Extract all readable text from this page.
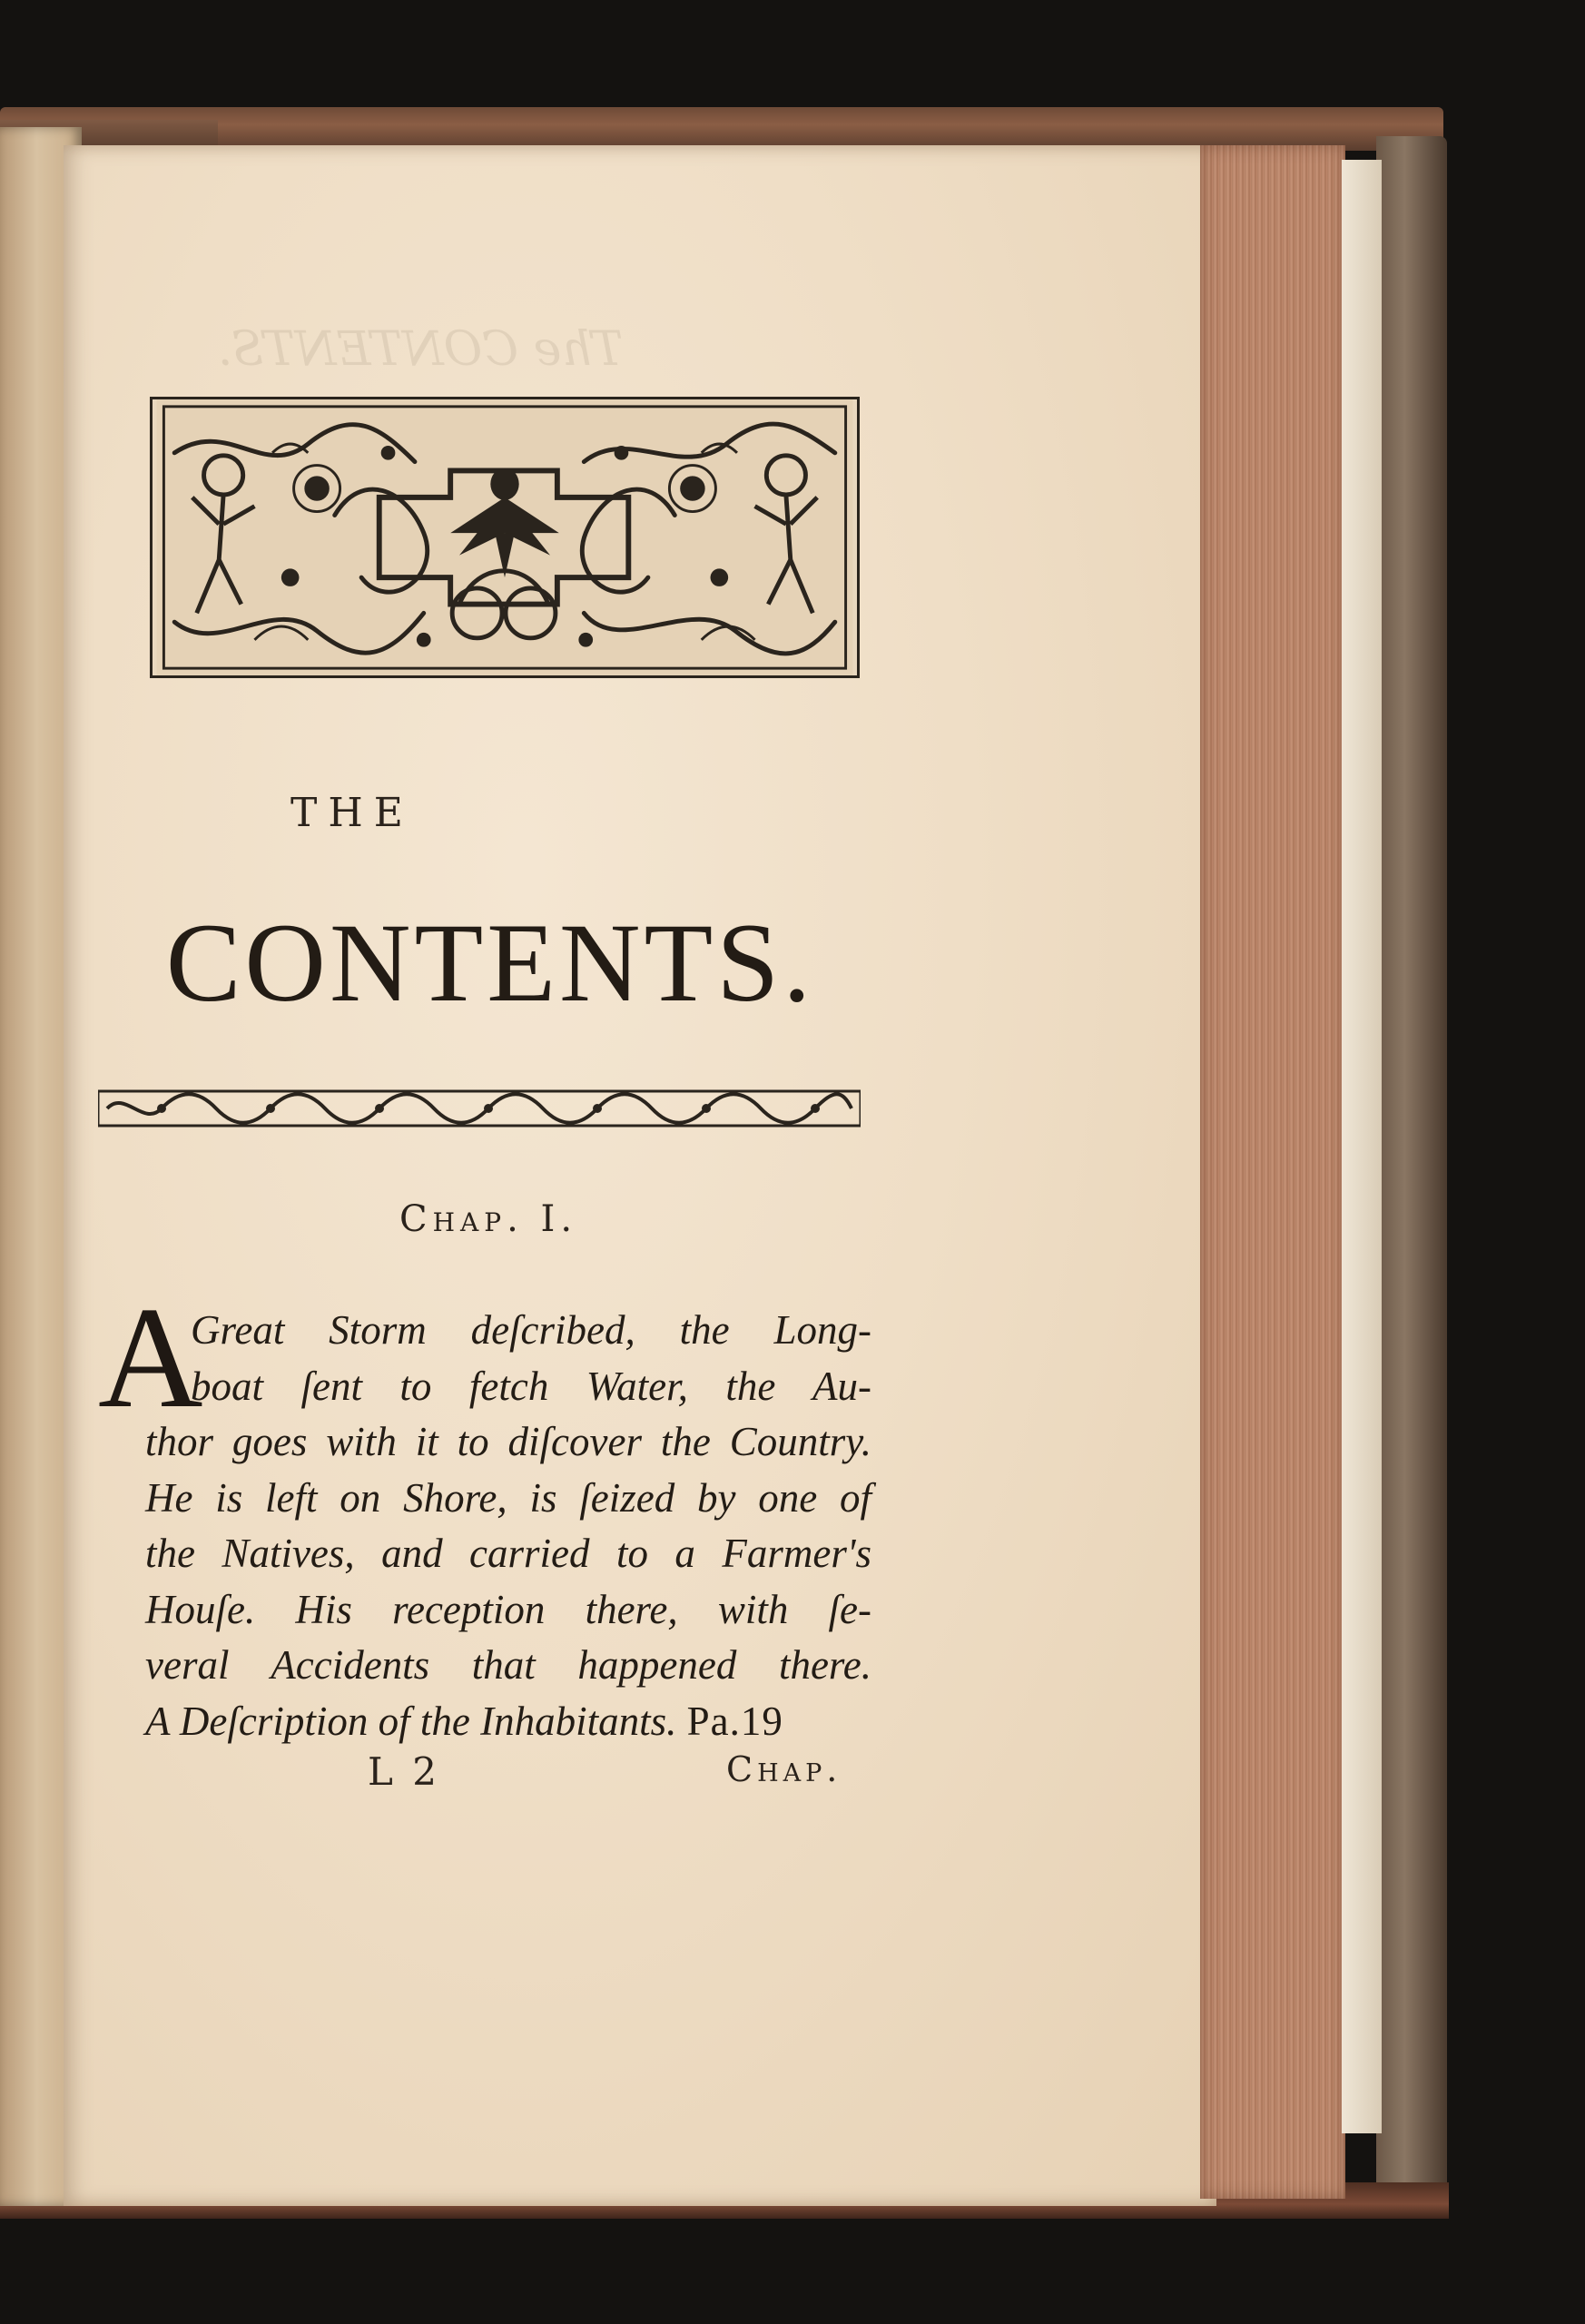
The CONTENTS.
THE
CONTENTS.
Chap. I.
A
Great Storm deſcribed, the Long-
boat ſent to fetch Water, the Au-
thor goes with it to diſcover the Country.
He is left on Shore, is ſeized by one of
the Natives, and carried to a Farmer's
Houſe. His reception there, with ſe-
veral Accidents that happened there.
A Deſcription of the Inhabitants. Pa.19
L 2	Chap.
